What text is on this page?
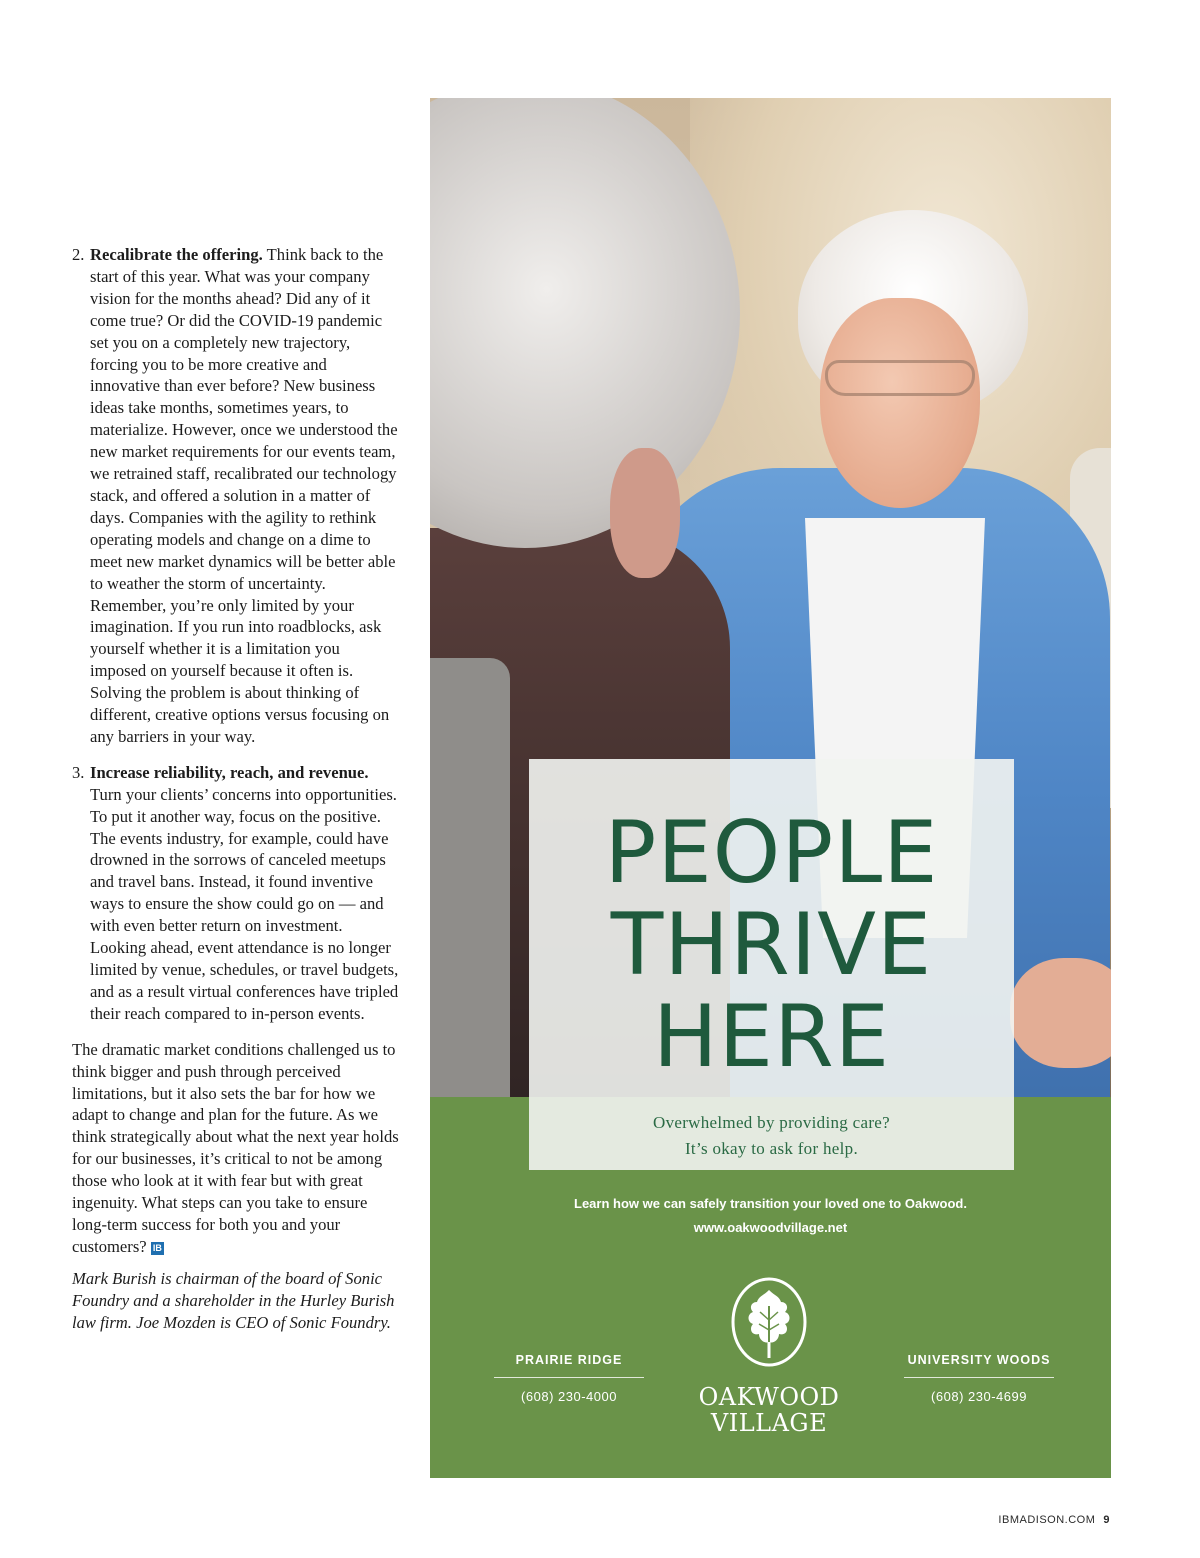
2. Recalibrate the offering. Think back to the start of this year. What was your company vision for the months ahead? Did any of it come true? Or did the COVID-19 pandemic set you on a completely new trajectory, forcing you to be more creative and innovative than ever before? New business ideas take months, sometimes years, to materialize. However, once we understood the new market requirements for our events team, we retrained staff, recalibrated our technology stack, and offered a solution in a matter of days. Companies with the agility to rethink operating models and change on a dime to meet new market dynamics will be better able to weather the storm of uncertainty. Remember, you’re only limited by your imagination. If you run into roadblocks, ask yourself whether it is a limitation you imposed on yourself because it often is. Solving the problem is about thinking of different, creative options versus focusing on any barriers in your way.
3. Increase reliability, reach, and revenue. Turn your clients’ concerns into opportunities. To put it another way, focus on the positive. The events industry, for example, could have drowned in the sorrows of canceled meetups and travel bans. Instead, it found inventive ways to ensure the show could go on — and with even better return on investment. Looking ahead, event attendance is no longer limited by venue, schedules, or travel budgets, and as a result virtual conferences have tripled their reach compared to in-person events.

The dramatic market conditions challenged us to think bigger and push through perceived limitations, but it also sets the bar for how we adapt to change and plan for the future. As we think strategically about what the next year holds for our businesses, it’s critical to not be among those who look at it with fear but with great ingenuity. What steps can you take to ensure long-term success for both you and your customers? IB

Mark Burish is chairman of the board of Sonic Foundry and a shareholder in the Hurley Burish law firm. Joe Mozden is CEO of Sonic Foundry.

PEOPLE
THRIVE
HERE
Overwhelmed by providing care?
It’s okay to ask for help.
Learn how we can safely transition your loved one to Oakwood.
www.oakwoodvillage.net
PRAIRIE RIDGE
(608) 230-4000	OAKWOOD
VILLAGE
UNIVERSITY WOODS
(608) 230-4699
IBMADISON.COM 9
